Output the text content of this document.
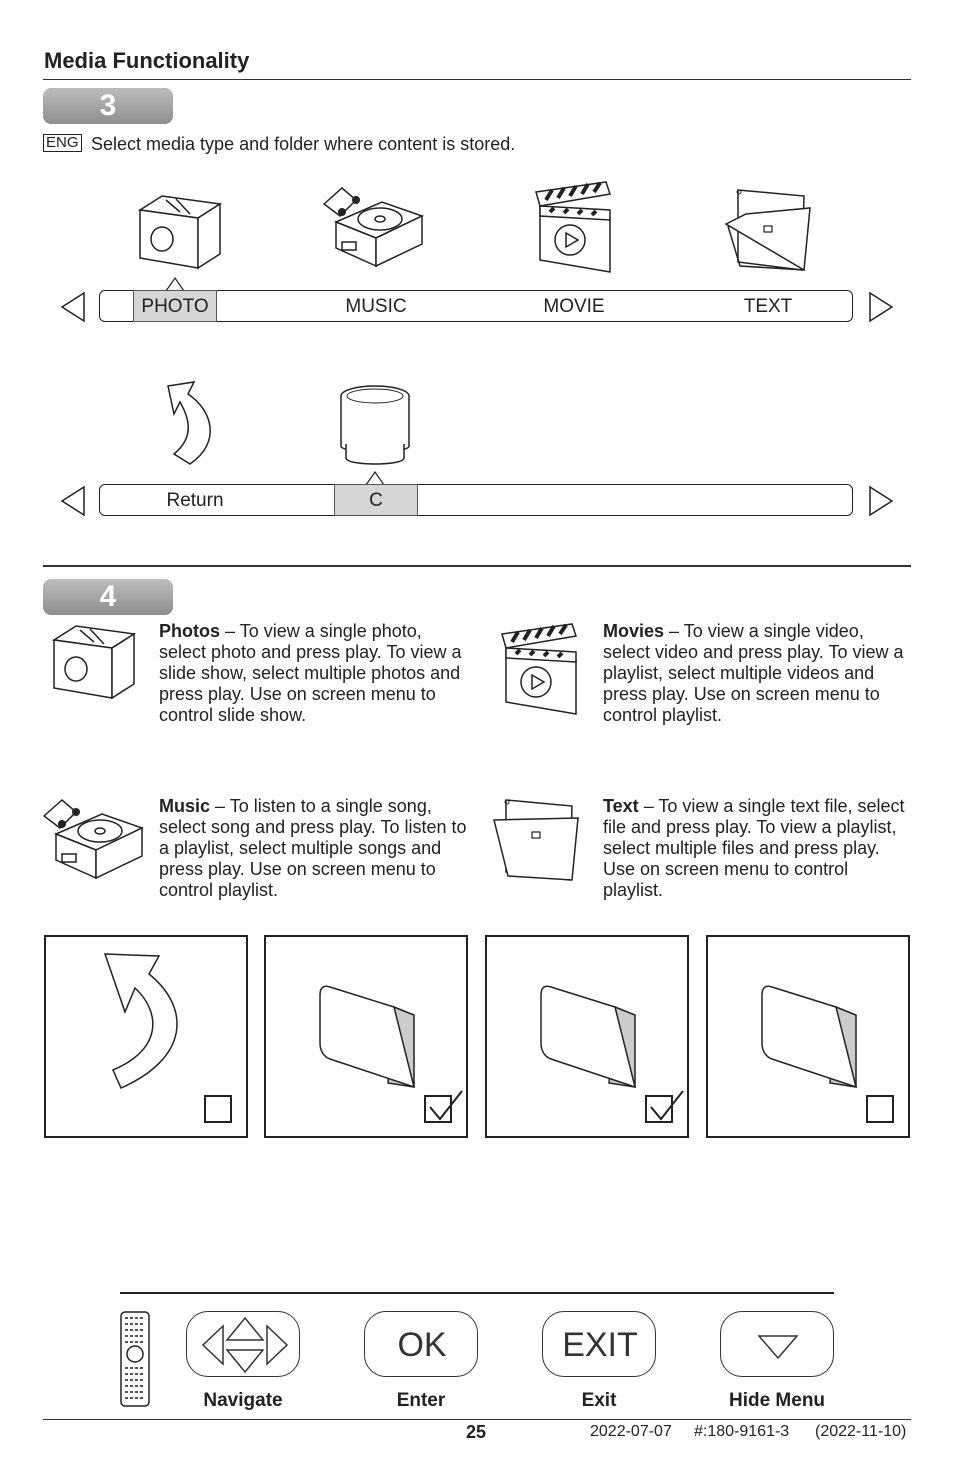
Media Functionality
3
ENG Select media type and folder where content is stored.
PHOTO	MUSIC	MOVIE	TEXT
Return	C
4
Photos – To view a single photo, select photo and press play. To view a slide show, select multiple photos and press play. Use on screen menu to control slide show.
Movies – To view a single video, select video and press play. To view a playlist, select multiple videos and press play. Use on screen menu to control playlist.
Music – To listen to a single song, select song and press play. To listen to a playlist, select multiple songs and press play. Use on screen menu to control playlist.
Text – To view a single text file, select file and press play. To view a playlist, select multiple files and press play. Use on screen menu to control playlist.
OK	EXIT
Navigate	Enter	Exit	Hide Menu
25	2022-07-07 #:180-9161-3 (2022-11-10)
